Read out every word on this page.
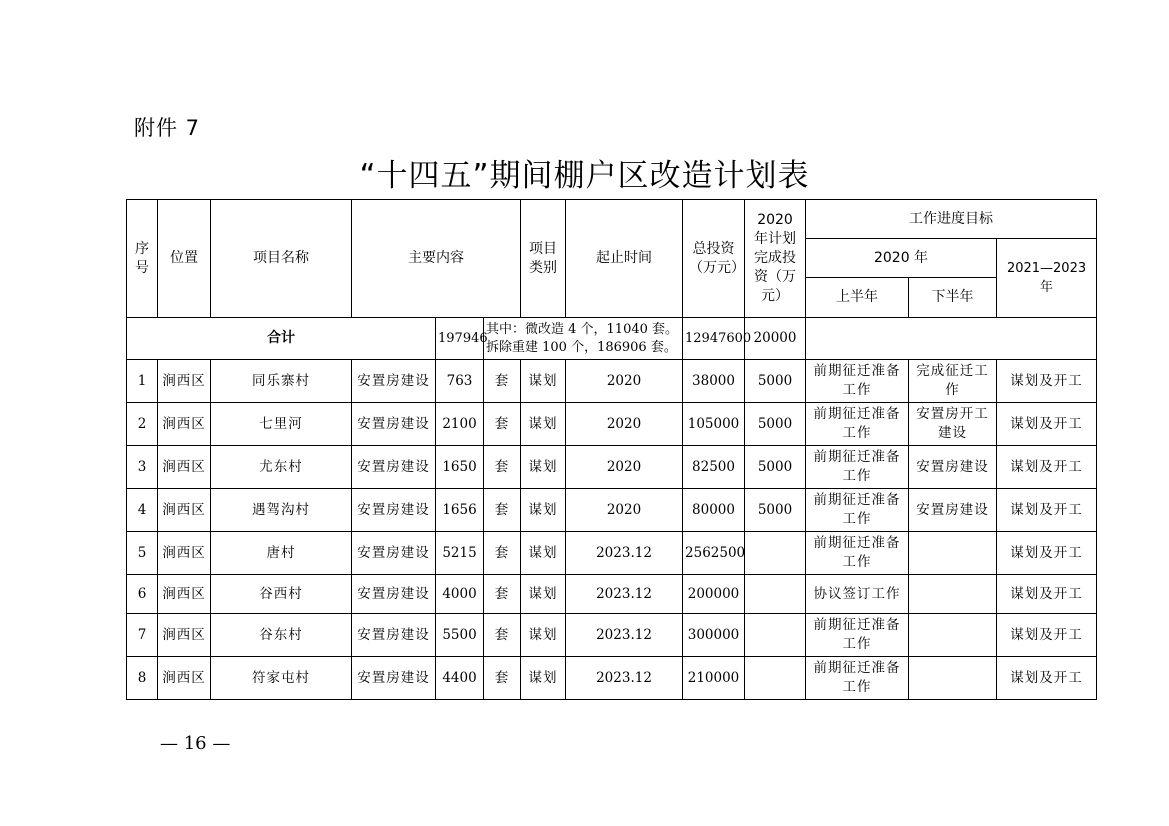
附件 7
“十四五”期间棚户区改造计划表
序号	位置	项目名称	主要内容			项目类别	起止时间	总投资（万元）	2020 年计划完成投资（万元）	工作进度目标		
										2020 年		2021—2023 年
										上半年	下半年	
合计				197946	其中：微改造 4 个，11040 套。拆除重建 100 个，186906 套。			12947600	20000			
1	涧西区	同乐寨村	安置房建设	763	套	谋划	2020	38000	5000	前期征迁准备工作	完成征迁工作	谋划及开工
2	涧西区	七里河	安置房建设	2100	套	谋划	2020	105000	5000	前期征迁准备工作	安置房开工建设	谋划及开工
3	涧西区	尤东村	安置房建设	1650	套	谋划	2020	82500	5000	前期征迁准备工作	安置房建设	谋划及开工
4	涧西区	遇驾沟村	安置房建设	1656	套	谋划	2020	80000	5000	前期征迁准备工作	安置房建设	谋划及开工
5	涧西区	唐村	安置房建设	5215	套	谋划	2023.12	2562500		前期征迁准备工作		谋划及开工
6	涧西区	谷西村	安置房建设	4000	套	谋划	2023.12	200000		协议签订工作		谋划及开工
7	涧西区	谷东村	安置房建设	5500	套	谋划	2023.12	300000		前期征迁准备工作		谋划及开工
8	涧西区	符家屯村	安置房建设	4400	套	谋划	2023.12	210000		前期征迁准备工作		谋划及开工
— 16 —
